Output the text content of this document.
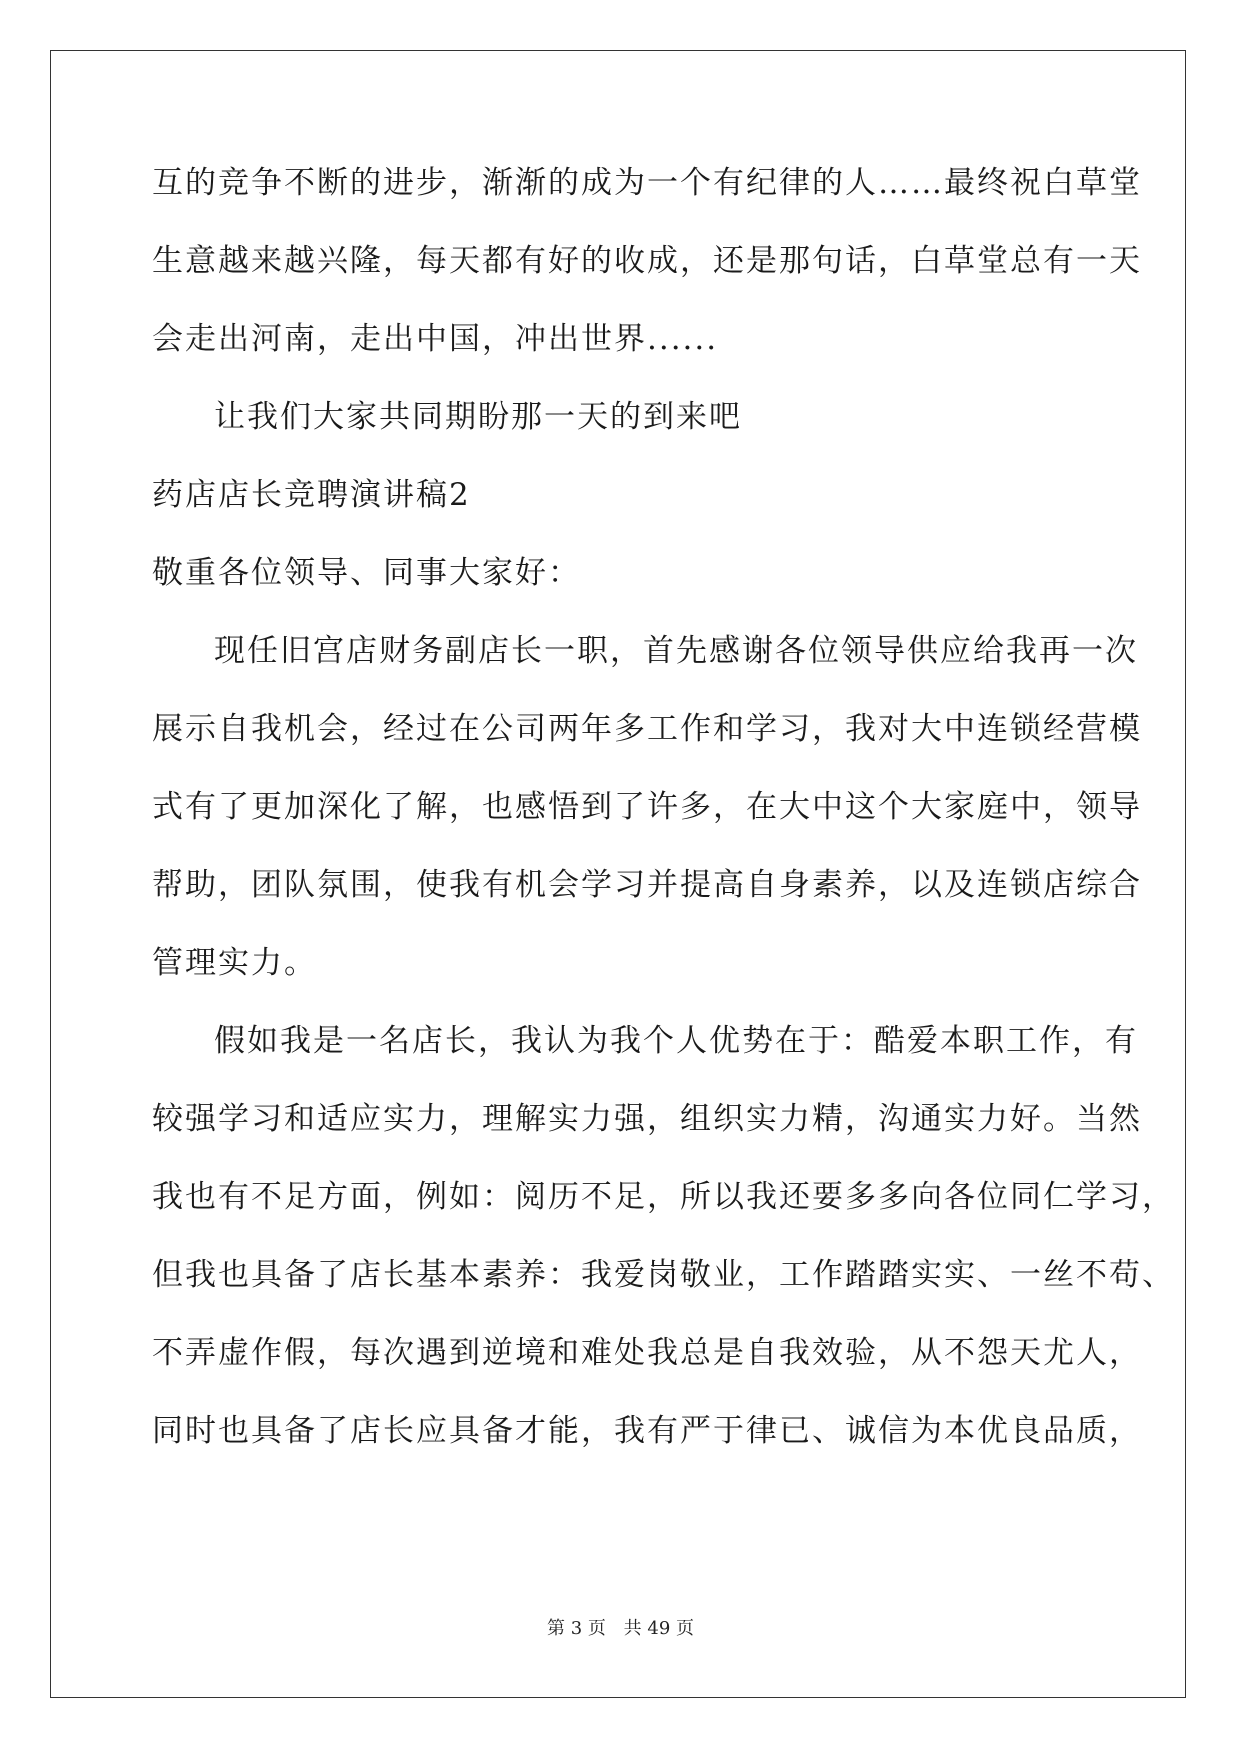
互的竞争不断的进步，渐渐的成为一个有纪律的人……最终祝白草堂
生意越来越兴隆，每天都有好的收成，还是那句话，白草堂总有一天
会走出河南，走出中国，冲出世界......
让我们大家共同期盼那一天的到来吧
药店店长竞聘演讲稿2
敬重各位领导、同事大家好：
现任旧宫店财务副店长一职，首先感谢各位领导供应给我再一次
展示自我机会，经过在公司两年多工作和学习，我对大中连锁经营模
式有了更加深化了解，也感悟到了许多，在大中这个大家庭中，领导
帮助，团队氛围，使我有机会学习并提高自身素养，以及连锁店综合
管理实力。
假如我是一名店长，我认为我个人优势在于：酷爱本职工作，有
较强学习和适应实力，理解实力强，组织实力精，沟通实力好。当然
我也有不足方面，例如：阅历不足，所以我还要多多向各位同仁学习，
但我也具备了店长基本素养：我爱岗敬业，工作踏踏实实、一丝不苟、
不弄虚作假，每次遇到逆境和难处我总是自我效验，从不怨天尤人，
同时也具备了店长应具备才能，我有严于律已、诚信为本优良品质，
第 3 页 共 49 页
